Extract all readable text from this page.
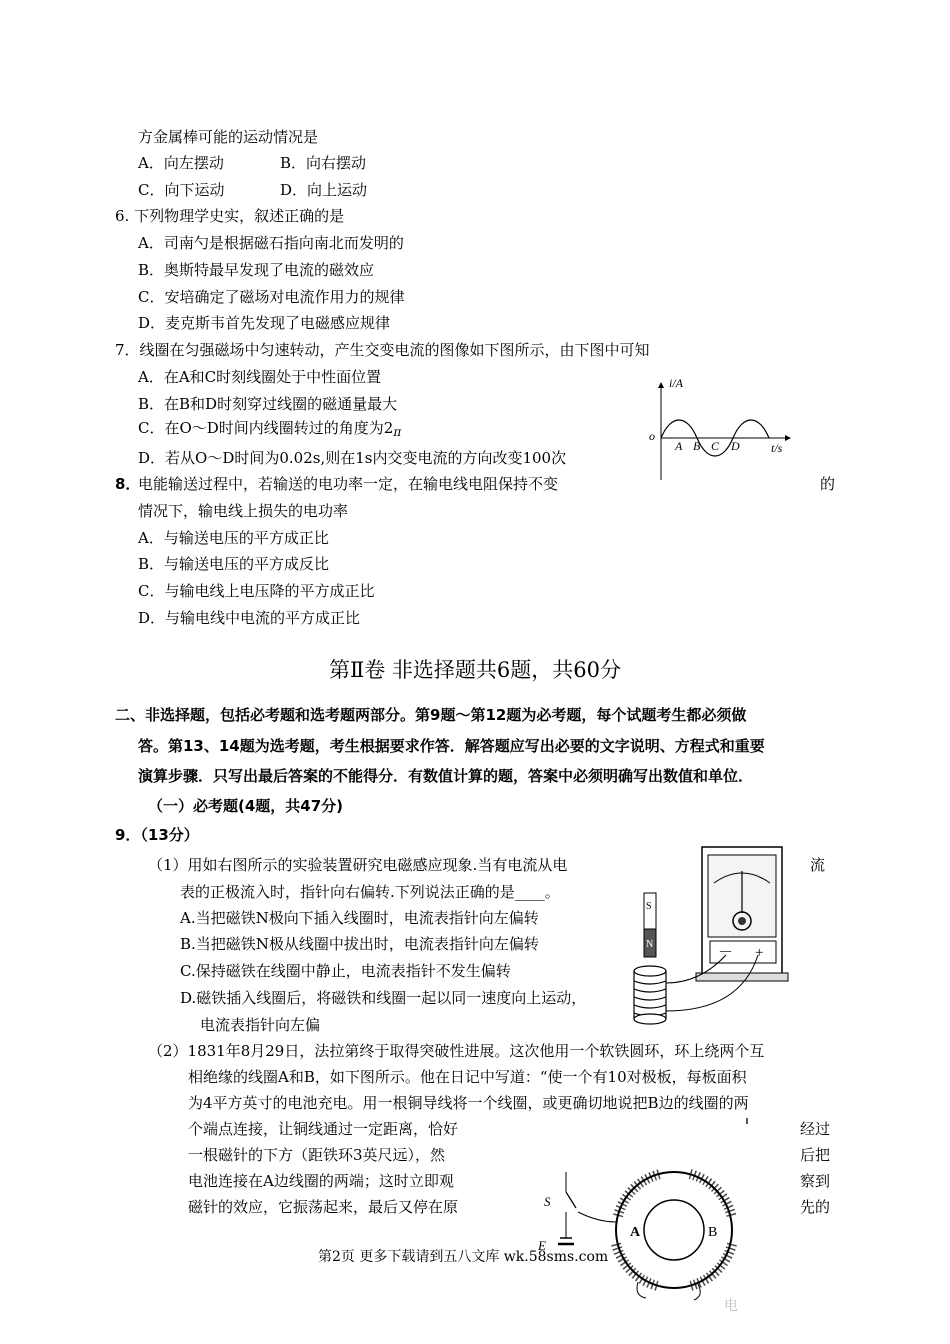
方金属棒可能的运动情况是
A．向左摆动	B．向右摆动
C．向下运动	D．向上运动
6. 下列物理学史实，叙述正确的是
A．司南勺是根据磁石指向南北而发明的
B．奥斯特最早发现了电流的磁效应
C．安培确定了磁场对电流作用力的规律
D．麦克斯韦首先发现了电磁感应规律
7．线圈在匀强磁场中匀速转动，产生交变电流的图像如下图所示，由下图中可知
A．在A和C时刻线圈处于中性面位置
B．在B和D时刻穿过线圈的磁通量最大
C．在O～D时间内线圈转过的角度为$2_\pi$
D．若从O～D时间为0.02s,则在1s内交变电流的方向改变100次
i/A
o
A B C D	t/s
8．
电能输送过程中，若输送的电功率一定，在输电线电阻保持不变	的
情况下，输电线上损失的电功率
A．与输送电压的平方成正比
B．与输送电压的平方成反比
C．与输电线上电压降的平方成正比
D．与输电线中电流的平方成正比
第Ⅱ卷 非选择题共6题，共60分
二、非选择题，包括必考题和选考题两部分。第9题～第12题为必考题，每个试题考生都必须做
答。第13、14题为选考题，考生根据要求作答．解答题应写出必要的文字说明、方程式和重要
演算步骤．只写出最后答案的不能得分．有数值计算的题，答案中必须明确写出数值和单位．
（一）必考题(4题，共47分)
9．（13分）
（1）用如右图所示的实验装置研究电磁感应现象.当有电流从电	流
表的正极流入时，指针向右偏转.下列说法正确的是____。
A.当把磁铁N极向下插入线圈时，电流表指针向左偏转
B.当把磁铁N极从线圈中拔出时，电流表指针向左偏转
C.保持磁铁在线圈中静止，电流表指针不发生偏转
D.磁铁插入线圈后，将磁铁和线圈一起以同一速度向上运动，
电流表指针向左偏
－ +
S
N
（2）1831年8月29日，法拉第终于取得突破性进展。这次他用一个软铁圆环，环上绕两个互
相绝缘的线圈A和B，如下图所示。他在日记中写道：“使一个有10对极板，每板面积
为4平方英寸的电池充电。用一根铜导线将一个线圈，或更确切地说把B边的线圈的两
个端点连接，让铜线通过一定距离，恰好	经过
一根磁针的下方（距铁环3英尺远），然	后把
电池连接在A边线圈的两端；这时立即观	察到
磁针的效应，它振荡起来，最后又停在原	先的
S
E
A	B
第2页 更多下载请到五八文库 wk.58sms.com
电
